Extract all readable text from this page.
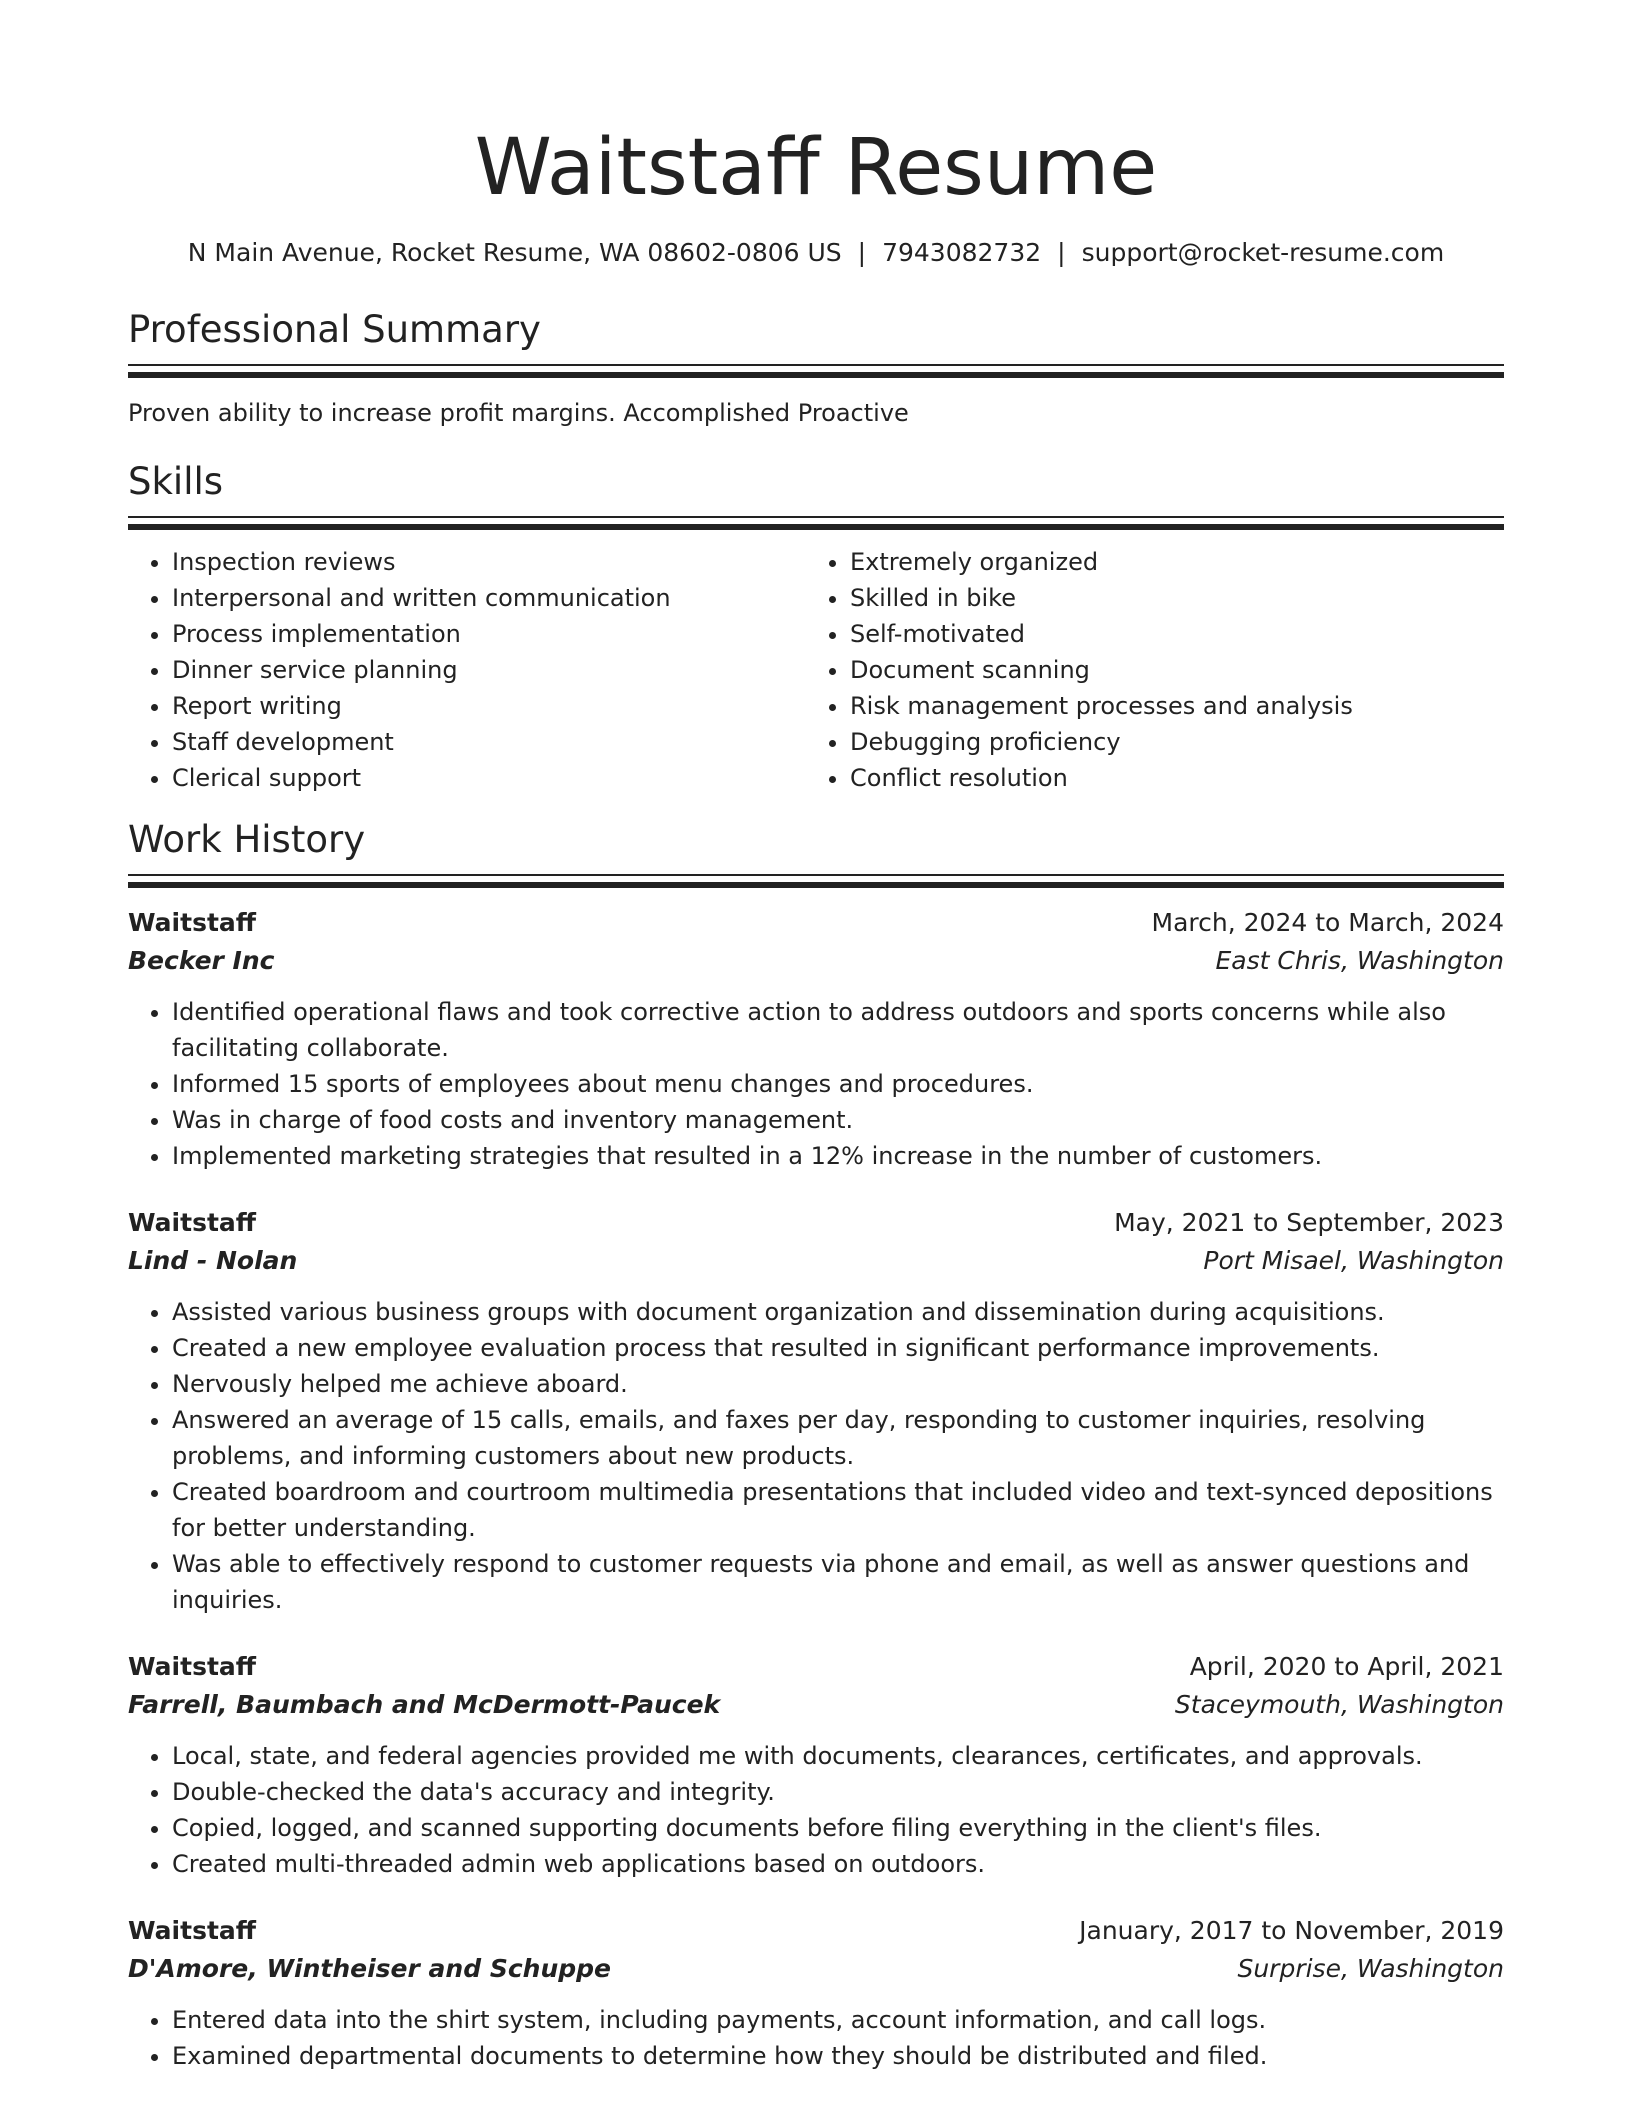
Waitstaff Resume
N Main Avenue, Rocket Resume, WA 08602-0806 US | 7943082732 | support@rocket-resume.com
Professional Summary
Proven ability to increase profit margins. Accomplished Proactive
Skills
• Inspection reviews
• Interpersonal and written communication
• Process implementation
• Dinner service planning
• Report writing
• Staff development
• Clerical support
• Extremely organized
• Skilled in bike
• Self-motivated
• Document scanning
• Risk management processes and analysis
• Debugging proficiency
• Conflict resolution
Work History
Waitstaff	March, 2024 to March, 2024
Becker Inc	East Chris, Washington
• Identified operational flaws and took corrective action to address outdoors and sports concerns while also facilitating collaborate.
• Informed 15 sports of employees about menu changes and procedures.
• Was in charge of food costs and inventory management.
• Implemented marketing strategies that resulted in a 12% increase in the number of customers.
Waitstaff	May, 2021 to September, 2023
Lind - Nolan	Port Misael, Washington
• Assisted various business groups with document organization and dissemination during acquisitions.
• Created a new employee evaluation process that resulted in significant performance improvements.
• Nervously helped me achieve aboard.
• Answered an average of 15 calls, emails, and faxes per day, responding to customer inquiries, resolving problems, and informing customers about new products.
• Created boardroom and courtroom multimedia presentations that included video and text-synced depositions for better understanding.
• Was able to effectively respond to customer requests via phone and email, as well as answer questions and inquiries.
Waitstaff	April, 2020 to April, 2021
Farrell, Baumbach and McDermott-Paucek	Staceymouth, Washington
• Local, state, and federal agencies provided me with documents, clearances, certificates, and approvals.
• Double-checked the data's accuracy and integrity.
• Copied, logged, and scanned supporting documents before filing everything in the client's files.
• Created multi-threaded admin web applications based on outdoors.
Waitstaff	January, 2017 to November, 2019
D'Amore, Wintheiser and Schuppe	Surprise, Washington
• Entered data into the shirt system, including payments, account information, and call logs.
• Examined departmental documents to determine how they should be distributed and filed.
